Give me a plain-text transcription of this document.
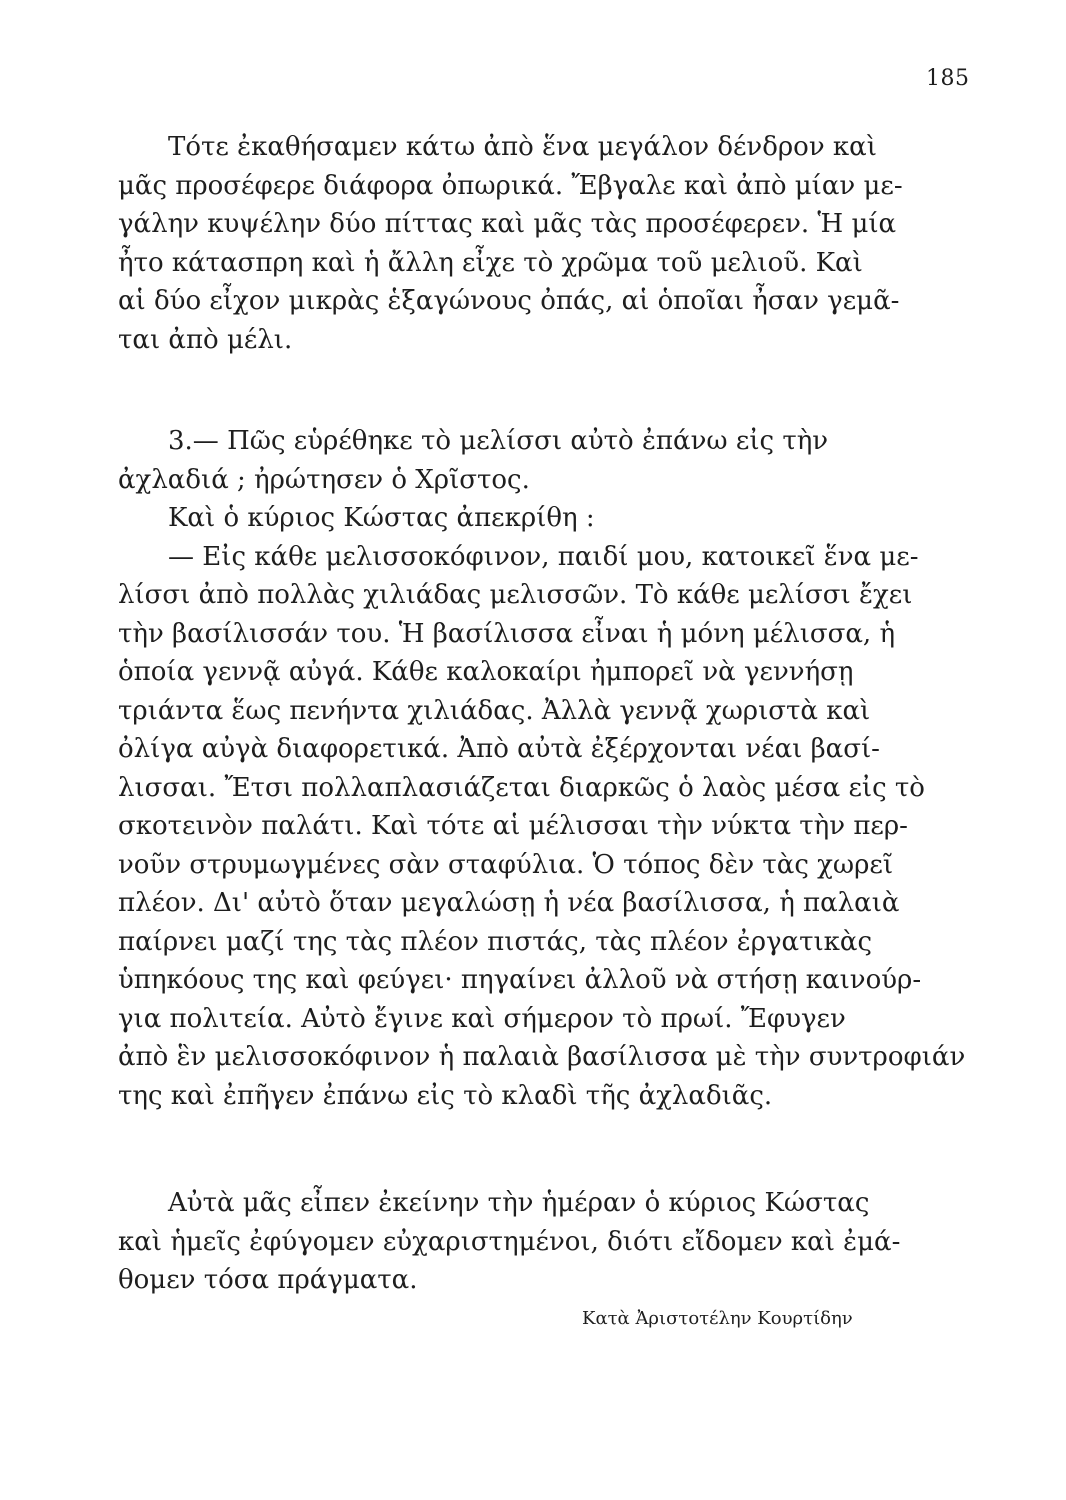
185
Τότε ἐκαθήσαμεν κάτω ἀπὸ ἕνα μεγάλον δένδρον καὶ
μᾶς προσέφερε διάφορα ὀπωρικά. Ἔβγαλε καὶ ἀπὸ μίαν με-
γάλην κυψέλην δύο πίττας καὶ μᾶς τὰς προσέφερεν. Ἡ μία
ἦτο κάτασπρη καὶ ἡ ἄλλη εἶχε τὸ χρῶμα τοῦ μελιοῦ. Καὶ
αἱ δύο εἶχον μικρὰς ἑξαγώνους ὀπάς, αἱ ὁποῖαι ἦσαν γεμᾶ-
ται ἀπὸ μέλι.
3.— Πῶς εὑρέθηκε τὸ μελίσσι αὐτὸ ἐπάνω εἰς τὴν
ἀχλαδιά ; ἠρώτησεν ὁ Χρῖστος.
Καὶ ὁ κύριος Κώστας ἀπεκρίθη :
— Εἰς κάθε μελισσοκόφινον, παιδί μου, κατοικεῖ ἕνα με-
λίσσι ἀπὸ πολλὰς χιλιάδας μελισσῶν. Τὸ κάθε μελίσσι ἔχει
τὴν βασίλισσάν του. Ἡ βασίλισσα εἶναι ἡ μόνη μέλισσα, ἡ
ὁποία γεννᾷ αὐγά. Κάθε καλοκαίρι ἠμπορεῖ νὰ γεννήσῃ
τριάντα ἕως πενήντα χιλιάδας. Ἀλλὰ γεννᾷ χωριστὰ καὶ
ὀλίγα αὐγὰ διαφορετικά. Ἀπὸ αὐτὰ ἐξέρχονται νέαι βασί-
λισσαι. Ἔτσι πολλαπλασιάζεται διαρκῶς ὁ λαὸς μέσα εἰς τὸ
σκοτεινὸν παλάτι. Καὶ τότε αἱ μέλισσαι τὴν νύκτα τὴν περ-
νοῦν στρυμωγμένες σὰν σταφύλια. Ὁ τόπος δὲν τὰς χωρεῖ
πλέον. Δι' αὐτὸ ὅταν μεγαλώσῃ ἡ νέα βασίλισσα, ἡ παλαιὰ
παίρνει μαζί της τὰς πλέον πιστάς, τὰς πλέον ἐργατικὰς
ὑπηκόους της καὶ φεύγει· πηγαίνει ἀλλοῦ νὰ στήσῃ καινούρ-
για πολιτεία. Αὐτὸ ἔγινε καὶ σήμερον τὸ πρωί. Ἔφυγεν
ἀπὸ ἓν μελισσοκόφινον ἡ παλαιὰ βασίλισσα μὲ τὴν συντροφιάν
της καὶ ἐπῆγεν ἐπάνω εἰς τὸ κλαδὶ τῆς ἀχλαδιᾶς.
Αὐτὰ μᾶς εἶπεν ἐκείνην τὴν ἡμέραν ὁ κύριος Κώστας
καὶ ἡμεῖς ἐφύγομεν εὐχαριστημένοι, διότι εἴδομεν καὶ ἐμά-
θομεν τόσα πράγματα.
Κατὰ Ἀριστοτέλην Κουρτίδην
